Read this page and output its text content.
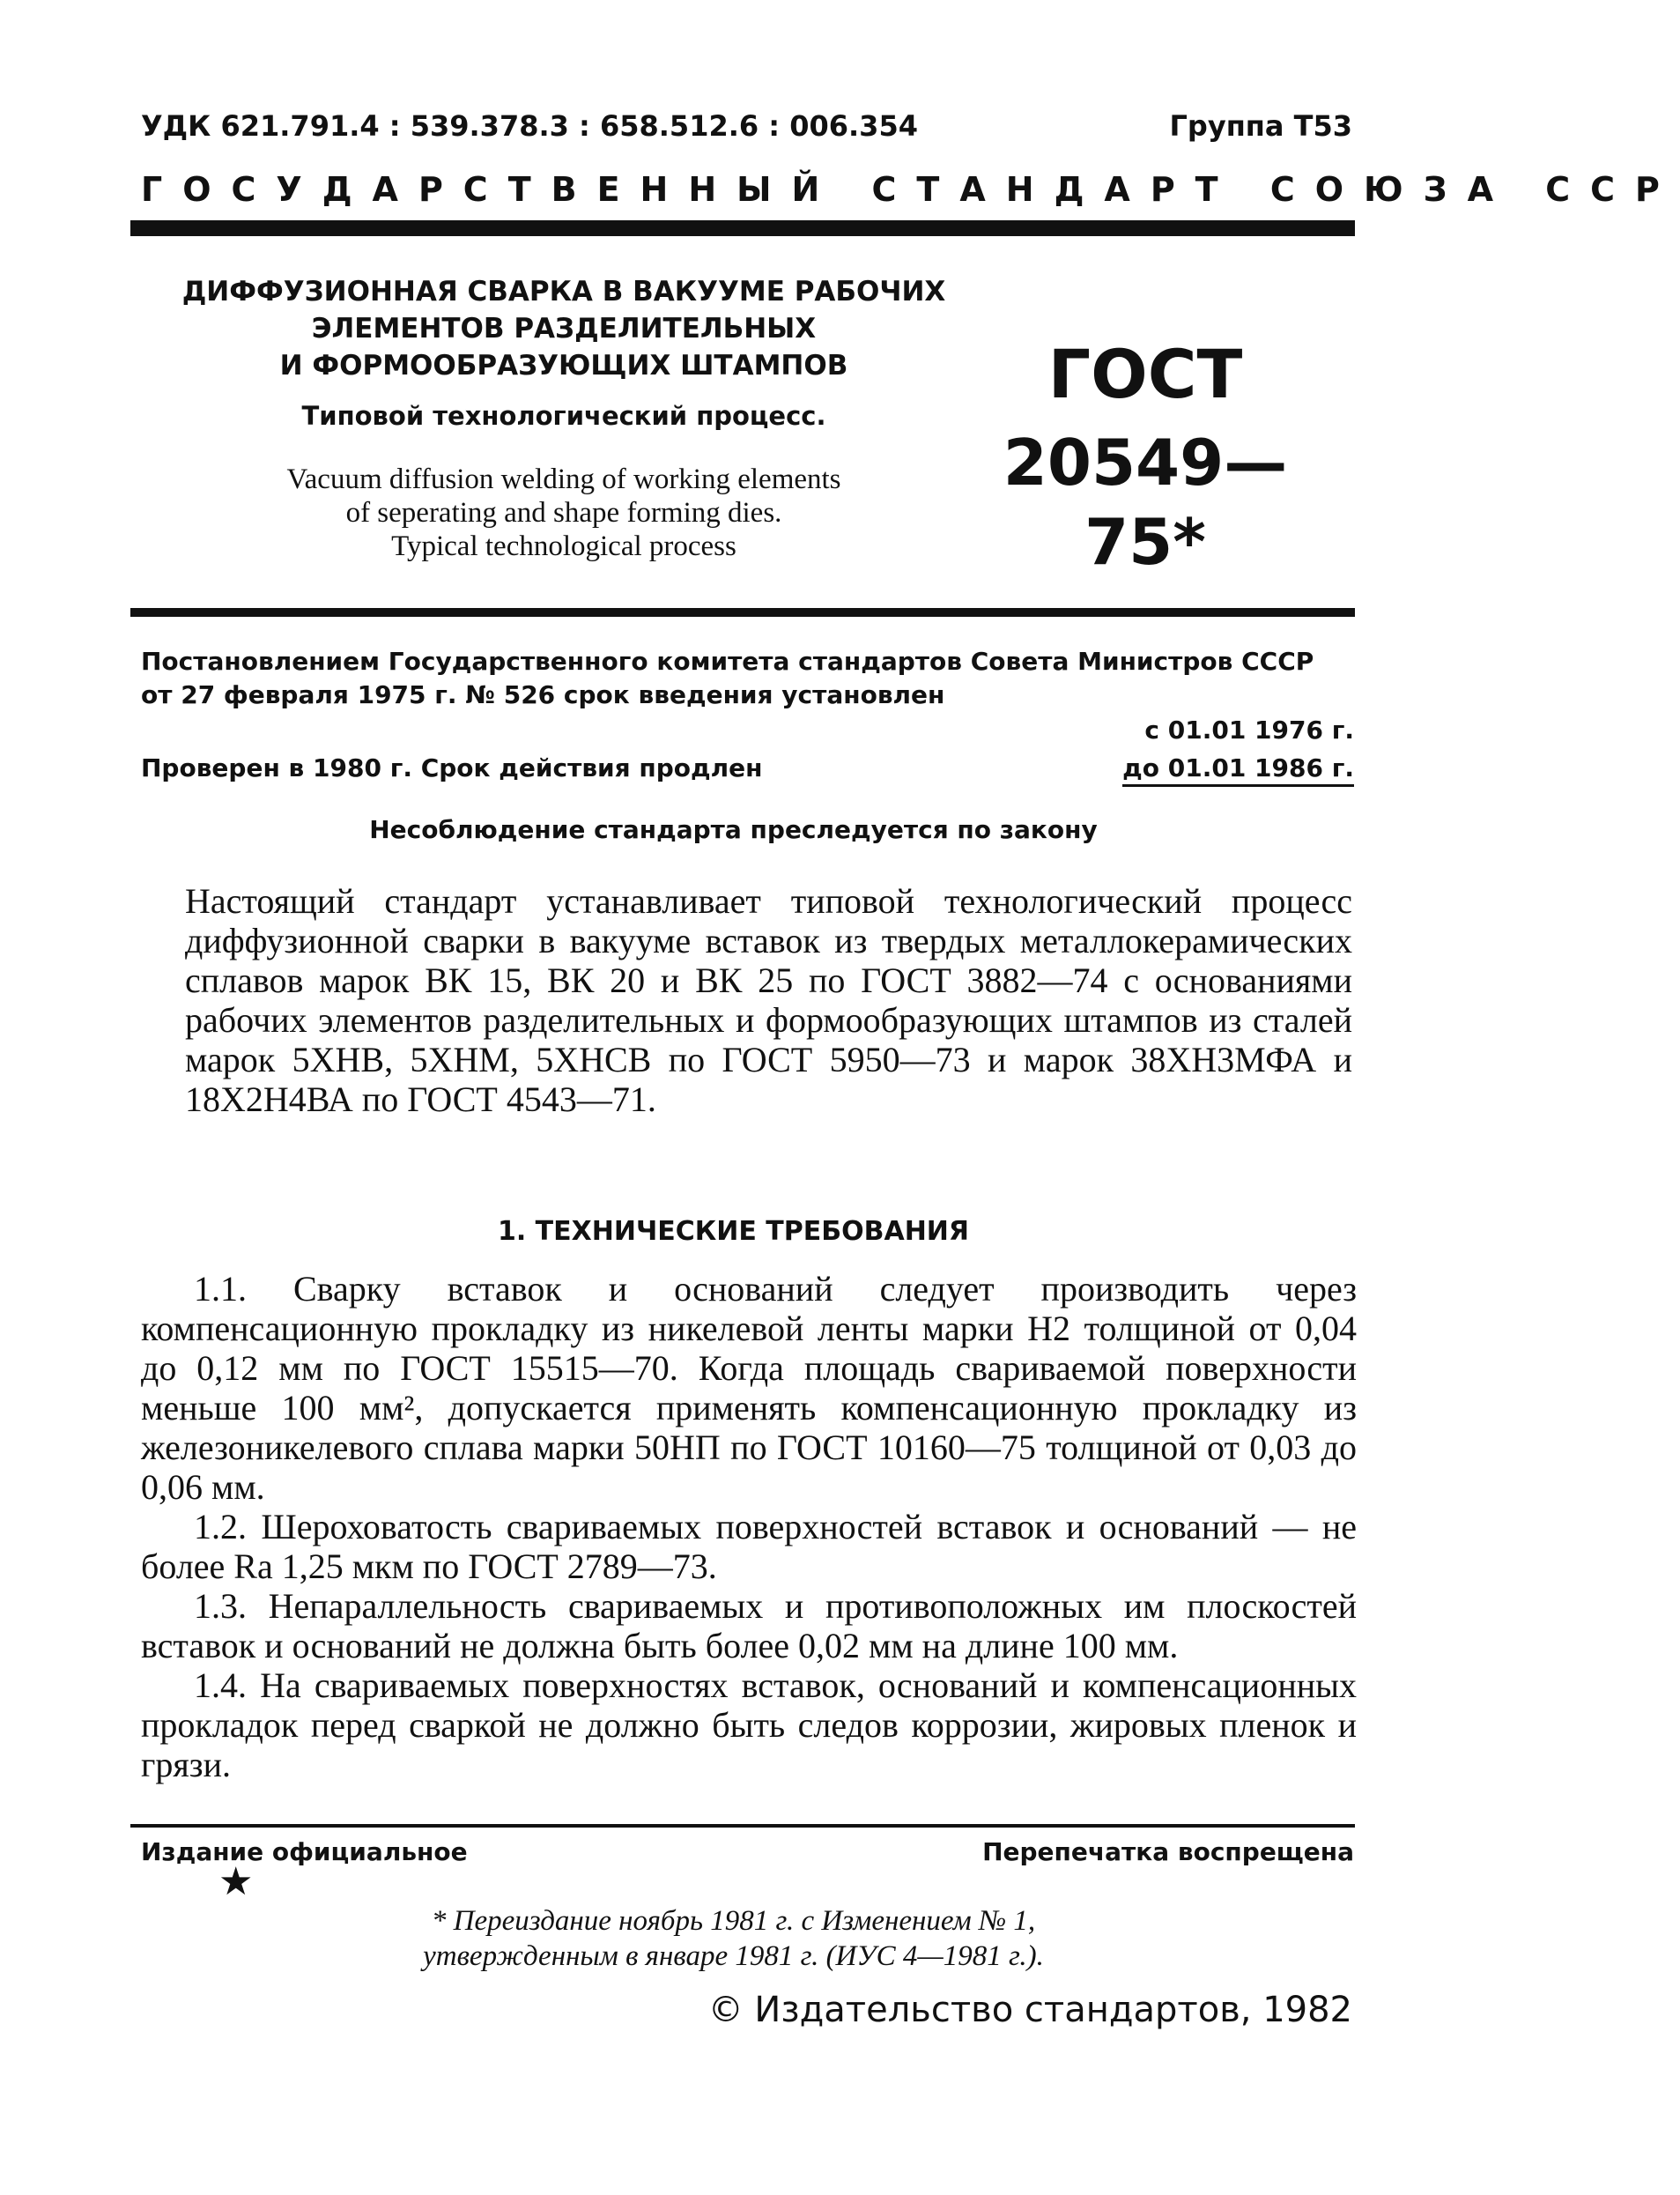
УДК 621.791.4 : 539.378.3 : 658.512.6 : 006.354	Группа Т53
ГОСУДАРСТВЕННЫЙ СТАНДАРТ СОЮЗА ССР
ДИФФУЗИОННАЯ СВАРКА В ВАКУУМЕ РАБОЧИХ
ЭЛЕМЕНТОВ РАЗДЕЛИТЕЛЬНЫХ
И ФОРМООБРАЗУЮЩИХ ШТАМПОВ
Типовой технологический процесс.
Vacuum diffusion welding of working elements
of seperating and shape forming dies.
Typical technological process
ГОСТ
20549—75*
Постановлением Государственного комитета стандартов Совета Министров СССР
от 27 февраля 1975 г. № 526 срок введения установлен
с 01.01 1976 г.
Проверен в 1980 г. Срок действия продлен	до 01.01 1986 г.
Несоблюдение стандарта преследуется по закону

Настоящий стандарт устанавливает типовой технологический процесс диффузионной сварки в вакууме вставок из твердых металлокерамических сплавов марок ВК 15, ВК 20 и ВК 25 по ГОСТ 3882—74 с основаниями рабочих элементов разделительных и формообразующих штампов из сталей марок 5ХНВ, 5ХНМ, 5ХНСВ по ГОСТ 5950—73 и марок 38ХН3МФА и 18Х2Н4ВА по ГОСТ 4543—71.

1. ТЕХНИЧЕСКИЕ ТРЕБОВАНИЯ

1.1. Сварку вставок и оснований следует производить через компенсационную прокладку из никелевой ленты марки Н2 толщиной от 0,04 до 0,12 мм по ГОСТ 15515—70. Когда площадь свариваемой поверхности меньше 100 мм², допускается применять компенсационную прокладку из железоникелевого сплава марки 50НП по ГОСТ 10160—75 толщиной от 0,03 до 0,06 мм.

1.2. Шероховатость свариваемых поверхностей вставок и оснований — не более Ra 1,25 мкм по ГОСТ 2789—73.

1.3. Непараллельность свариваемых и противоположных им плоскостей вставок и оснований не должна быть более 0,02 мм на длине 100 мм.

1.4. На свариваемых поверхностях вставок, оснований и компенсационных прокладок перед сваркой не должно быть следов коррозии, жировых пленок и грязи.

Издание официальное	Перепечатка воспрещена
★
* Переиздание ноябрь 1981 г. с Изменением № 1,
утвержденным в январе 1981 г. (ИУС 4—1981 г.).
© Издательство стандартов, 1982
